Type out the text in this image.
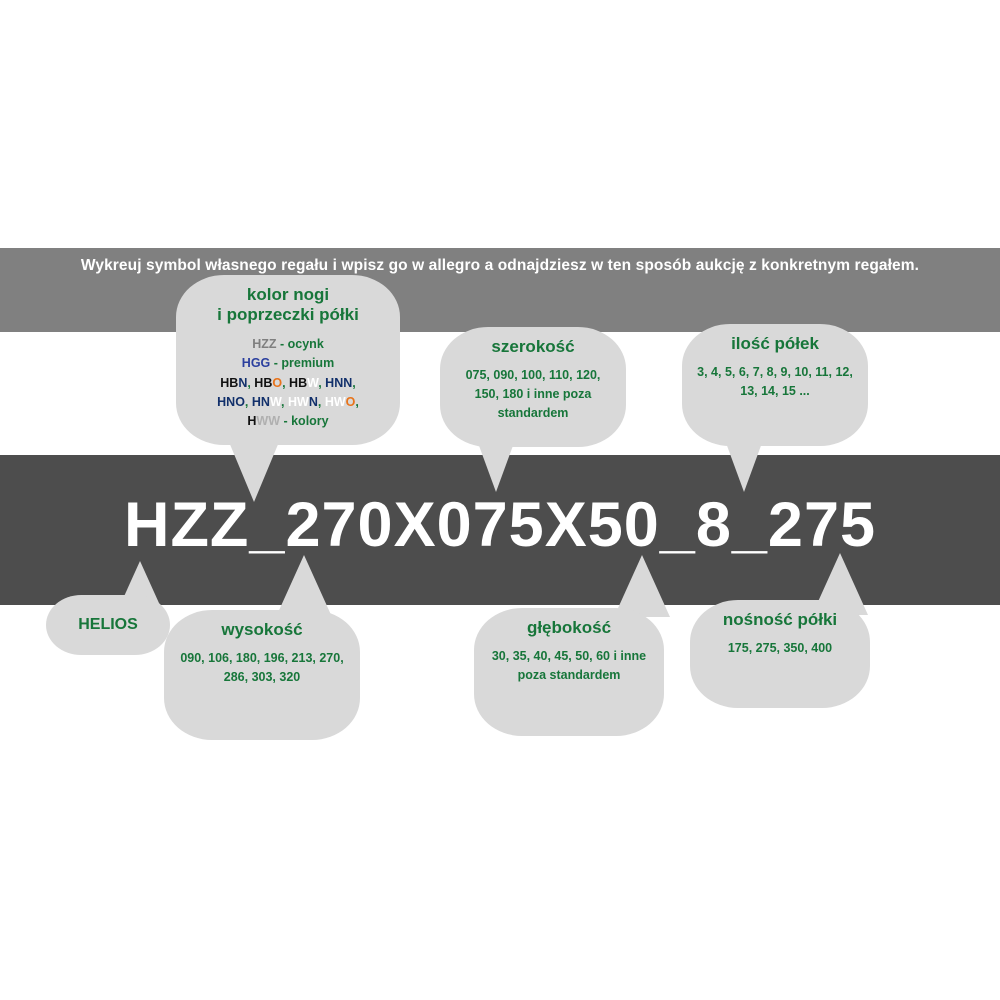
Wykreuj symbol własnego regału i wpisz go w allegro a odnajdziesz w ten sposób aukcję z konkretnym regałem.
HZZ_270X075X50_8_275
kolor nogi
i poprzeczki półki
HZZ - ocynk
HGG - premium
HBN, HBO, HBW, HNN,
HNO, HNW, HWN, HWO,
HWW - kolory
szerokość
075, 090, 100, 110, 120, 150, 180 i inne poza standardem
ilość półek
3, 4, 5, 6, 7, 8, 9, 10, 11, 12, 13, 14, 15 ...
HELIOS	wysokość
090, 106, 180, 196, 213, 270, 286, 303, 320
głębokość
30, 35, 40, 45, 50, 60 i inne poza standardem
nośność półki
175, 275, 350, 400
